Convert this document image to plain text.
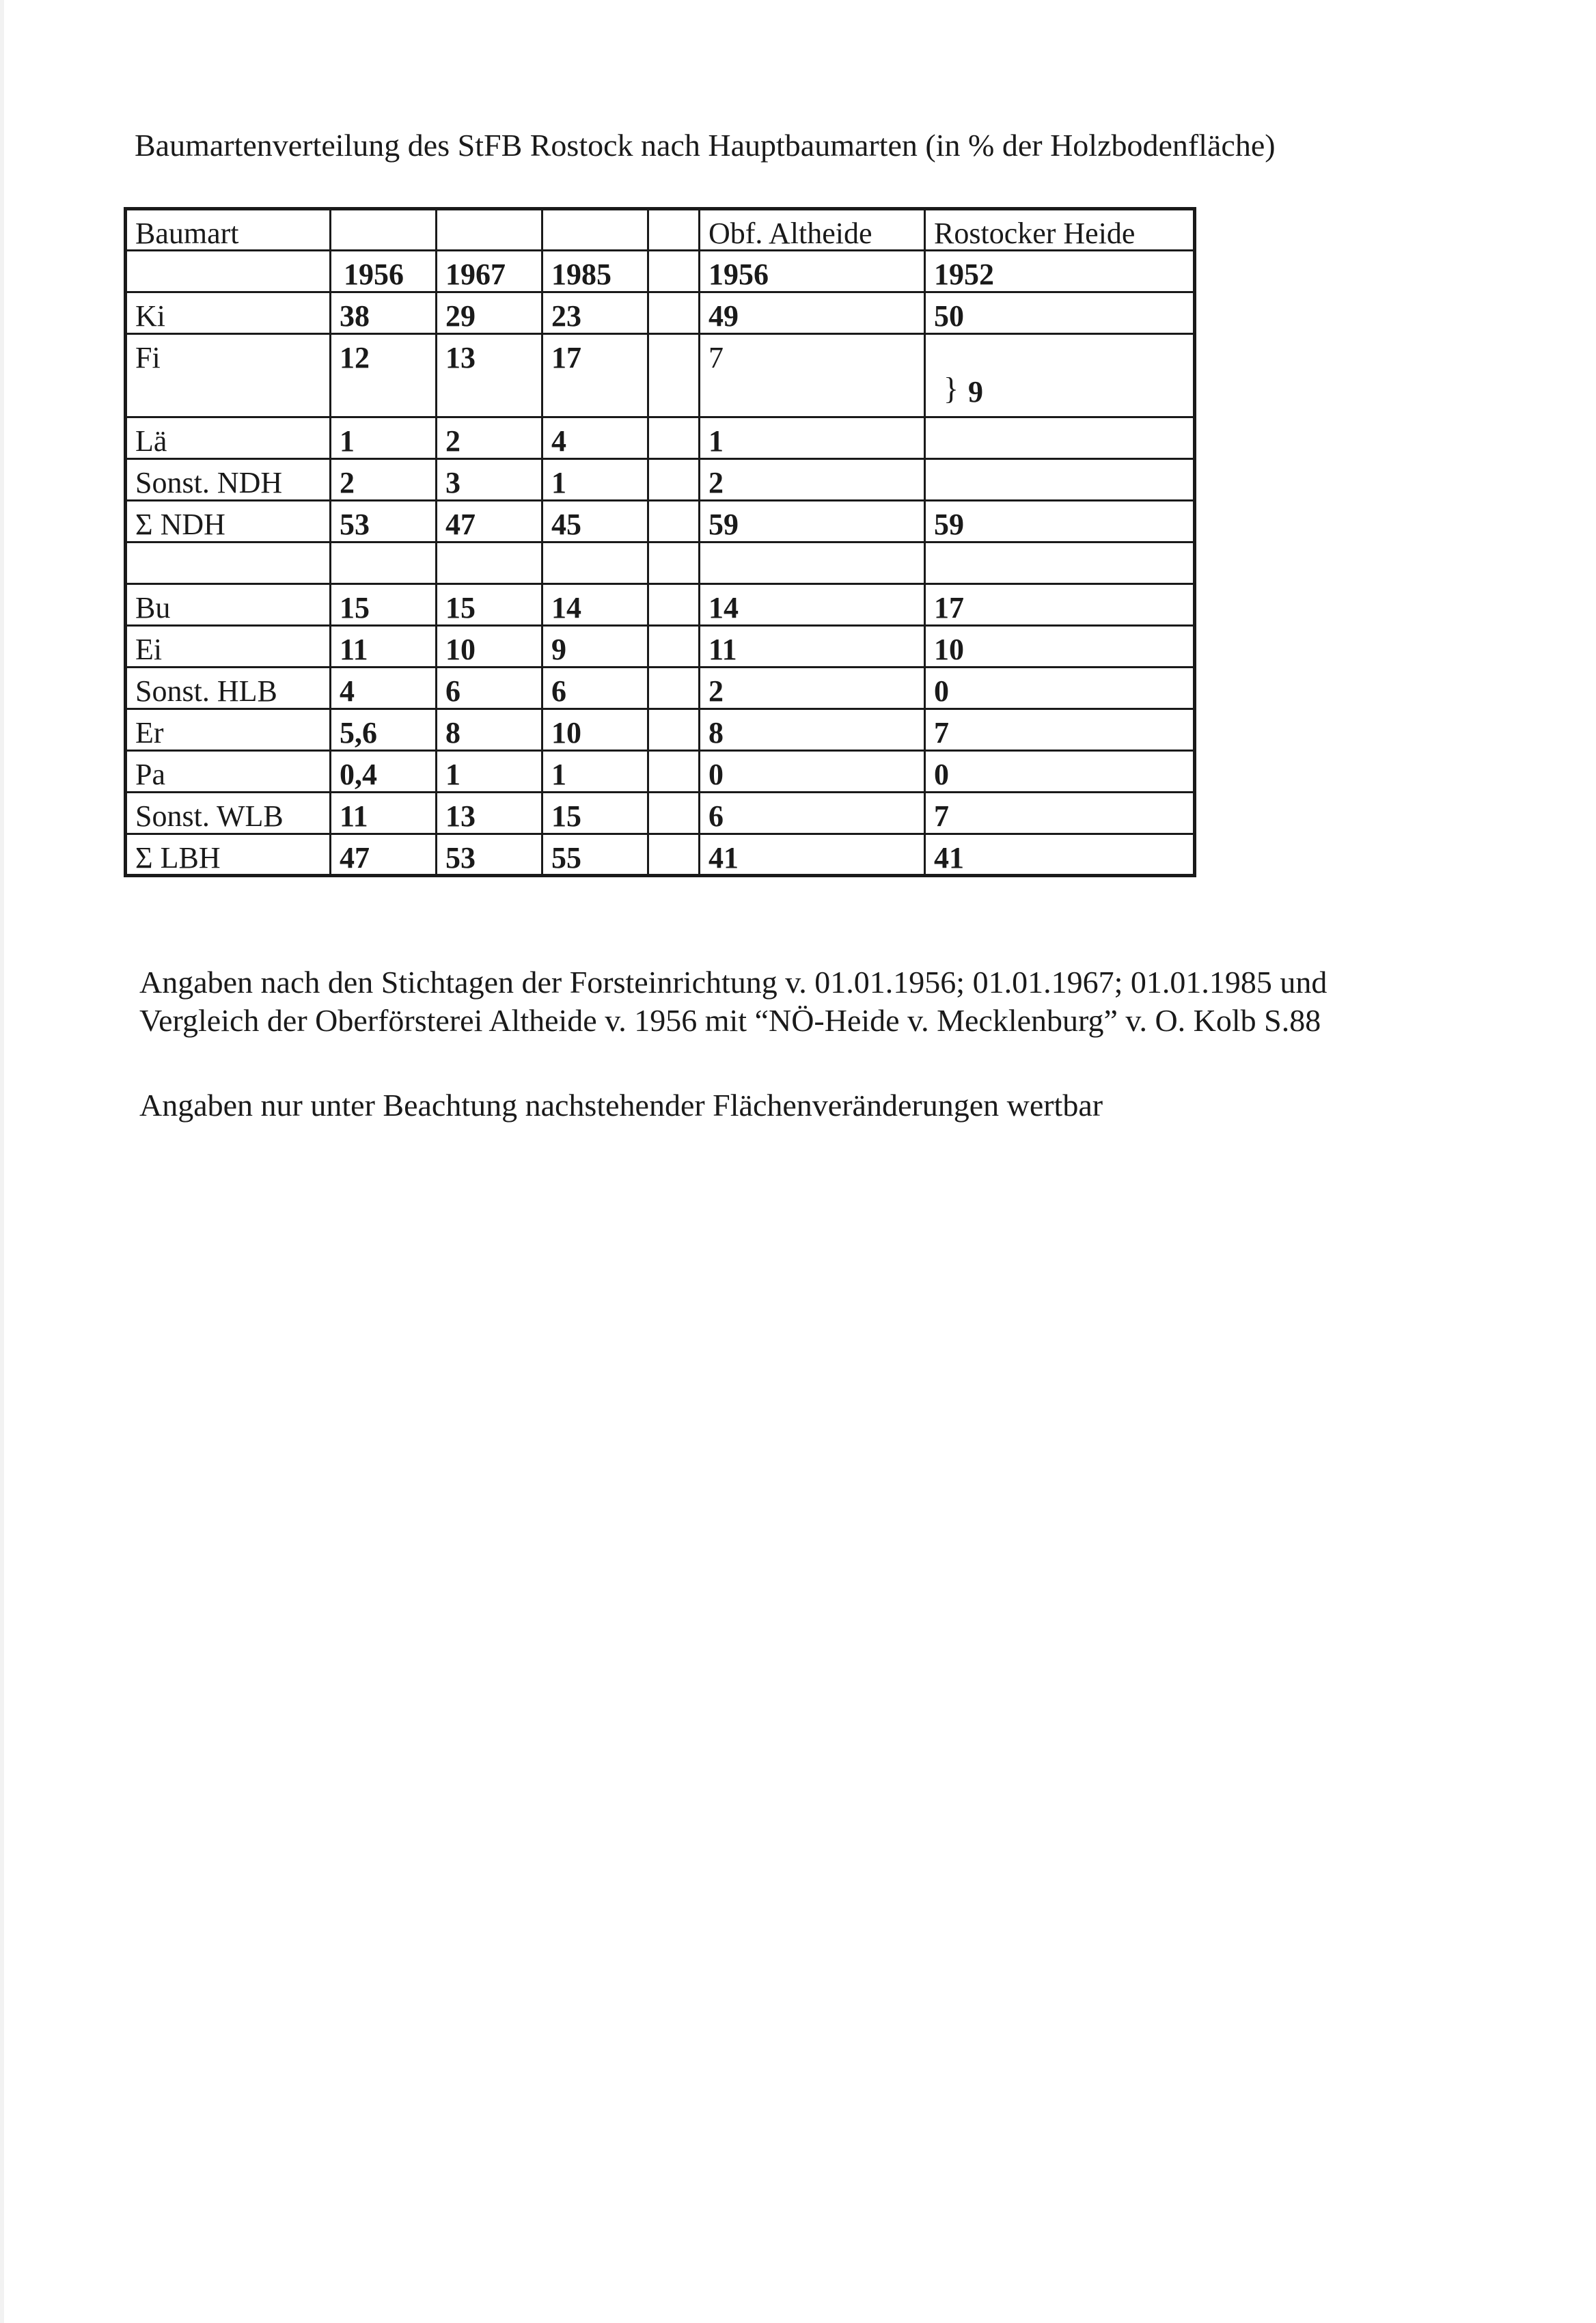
Baumartenverteilung des StFB Rostock nach Hauptbaumarten (in % der Holzbodenfläche)
Baumart					Obf. Altheide	Rostocker Heide
	1956	1967	1985		1956	1952
Ki	38	29	23		49	50
Fi	12	13	17		7	} 9

Lä	1	2	4		1	
Sonst. NDH	2	3	1		2	
Σ NDH	53	47	45		59	59

Bu	15	15	14		14	17
Ei	11	10	9		11	10
Sonst. HLB	4	6	6		2	0
Er	5,6	8	10		8	7
Pa	0,4	1	1		0	0
Sonst. WLB	11	13	15		6	7
Σ LBH	47	53	55		41	41
Angaben nach den Stichtagen der Forsteinrichtung v. 01.01.1956; 01.01.1967; 01.01.1985 und
Vergleich der Oberförsterei Altheide v. 1956 mit “NÖ-Heide v. Mecklenburg” v. O. Kolb S.88
Angaben nur unter Beachtung nachstehender Flächenveränderungen wertbar
